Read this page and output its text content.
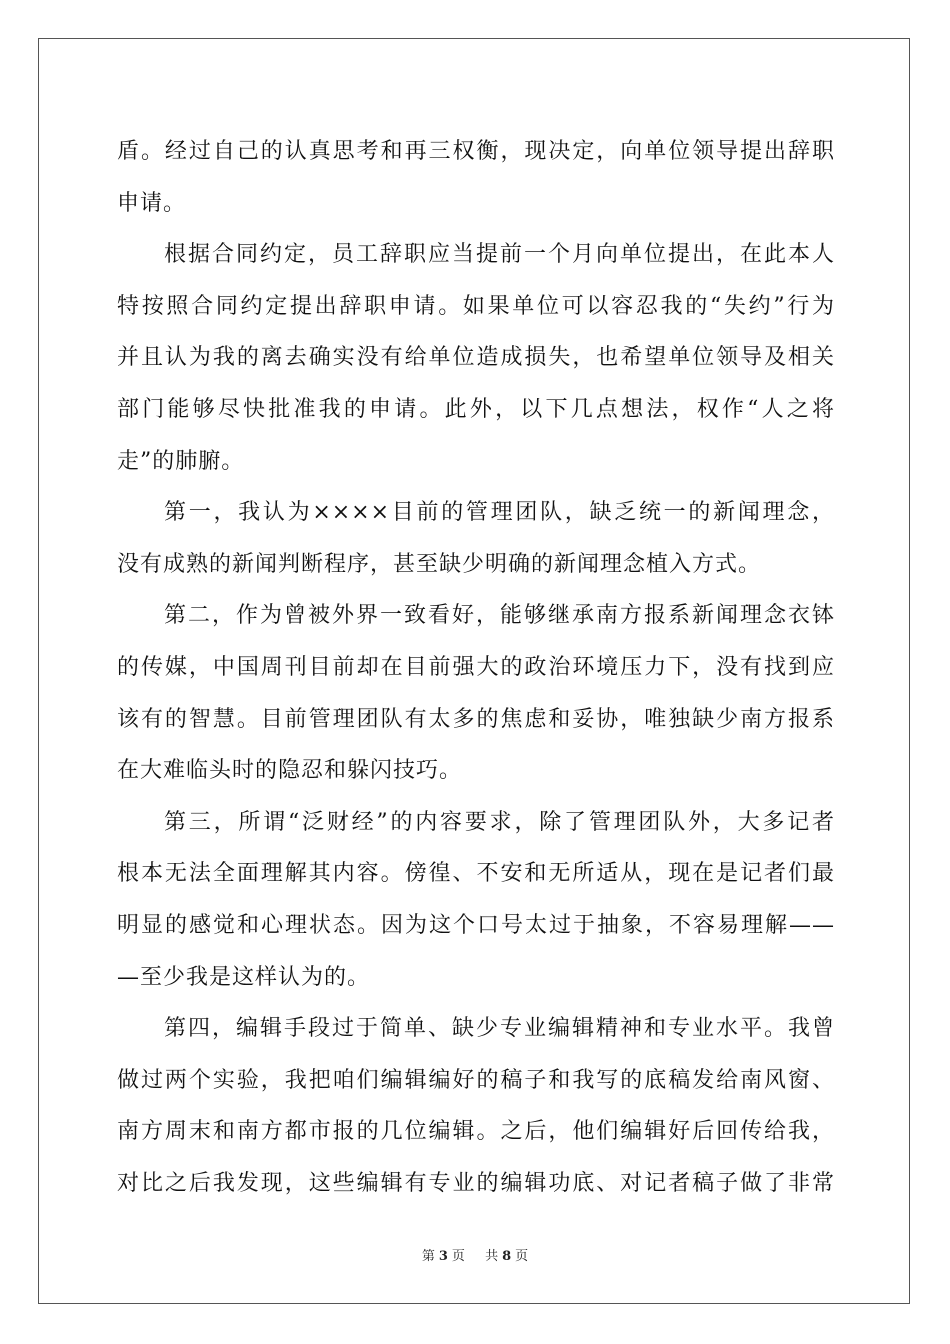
盾。经过自己的认真思考和再三权衡，现决定，向单位领导提出辞职
申请。
根据合同约定，员工辞职应当提前一个月向单位提出，在此本人
特按照合同约定提出辞职申请。如果单位可以容忍我的“失约”行为
并且认为我的离去确实没有给单位造成损失，也希望单位领导及相关
部门能够尽快批准我的申请。此外，以下几点想法，权作“人之将
走”的肺腑。
第一，我认为××××目前的管理团队，缺乏统一的新闻理念，
没有成熟的新闻判断程序，甚至缺少明确的新闻理念植入方式。
第二，作为曾被外界一致看好，能够继承南方报系新闻理念衣钵
的传媒，中国周刊目前却在目前强大的政治环境压力下，没有找到应
该有的智慧。目前管理团队有太多的焦虑和妥协，唯独缺少南方报系
在大难临头时的隐忍和躲闪技巧。
第三，所谓“泛财经”的内容要求，除了管理团队外，大多记者
根本无法全面理解其内容。傍徨、不安和无所适从，现在是记者们最
明显的感觉和心理状态。因为这个口号太过于抽象，不容易理解——
—至少我是这样认为的。
第四，编辑手段过于简单、缺少专业编辑精神和专业水平。我曾
做过两个实验，我把咱们编辑编好的稿子和我写的底稿发给南风窗、
南方周末和南方都市报的几位编辑。之后，他们编辑好后回传给我，
对比之后我发现，这些编辑有专业的编辑功底、对记者稿子做了非常
第 3 页 共 8 页
